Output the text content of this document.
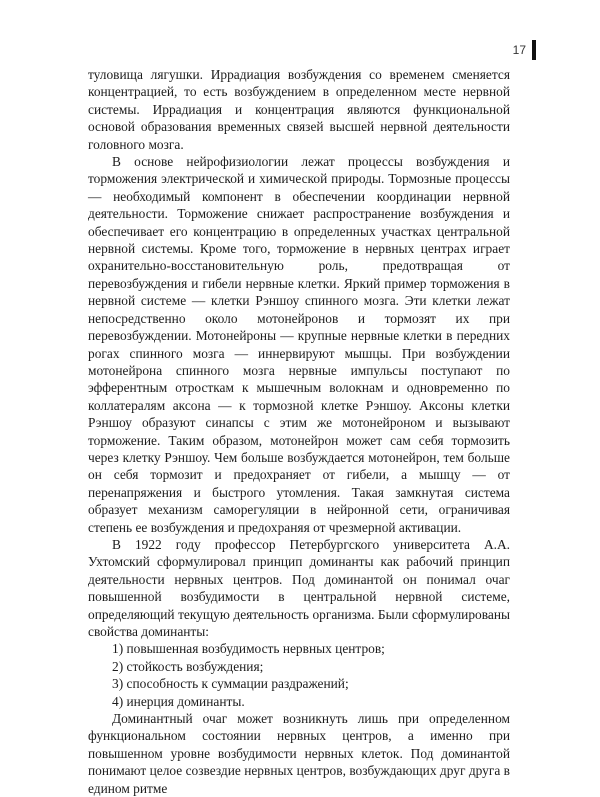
17

туловища лягушки. Иррадиация возбуждения со временем сменяется концентрацией, то есть возбуждением в определенном месте нервной системы. Иррадиация и концентрация являются функциональной основой образования временных связей высшей нервной деятельности головного мозга.

В основе нейрофизиологии лежат процессы возбуждения и торможения электрической и химической природы. Тормозные процессы — необходимый компонент в обеспечении координации нервной деятельности. Торможение снижает распространение возбуждения и обеспечивает его концентрацию в определенных участках центральной нервной системы. Кроме того, торможение в нервных центрах играет охранительно-восстановительную роль, предотвращая от перевозбуждения и гибели нервные клетки. Яркий пример торможения в нервной системе — клетки Рэншоу спинного мозга. Эти клетки лежат непосредственно около мотонейронов и тормозят их при перевозбуждении. Мотонейроны — крупные нервные клетки в передних рогах спинного мозга — иннервируют мышцы. При возбуждении мотонейрона спинного мозга нервные импульсы поступают по эфферентным отросткам к мышечным волокнам и одновременно по коллатералям аксона — к тормозной клетке Рэншоу. Аксоны клетки Рэншоу образуют синапсы с этим же мотонейроном и вызывают торможение. Таким образом, мотонейрон может сам себя тормозить через клетку Рэншоу. Чем больше возбуждается мотонейрон, тем больше он себя тормозит и предохраняет от гибели, а мышцу — от перенапряжения и быстрого утомления. Такая замкнутая система образует механизм саморегуляции в нейронной сети, ограничивая степень ее возбуждения и предохраняя от чрезмерной активации.

В 1922 году профессор Петербургского университета А.А. Ухтомский сформулировал принцип доминанты как рабочий принцип деятельности нервных центров. Под доминантой он понимал очаг повышенной возбудимости в центральной нервной системе, определяющий текущую деятельность организма. Были сформулированы свойства доминанты:

1) повышенная возбудимость нервных центров;
2) стойкость возбуждения;
3) способность к суммации раздражений;
4) инерция доминанты.

Доминантный очаг может возникнуть лишь при определенном функциональном состоянии нервных центров, а именно при повышенном уровне возбудимости нервных клеток. Под доминантой понимают целое созвездие нервных центров, возбуждающих друг друга в едином ритме
